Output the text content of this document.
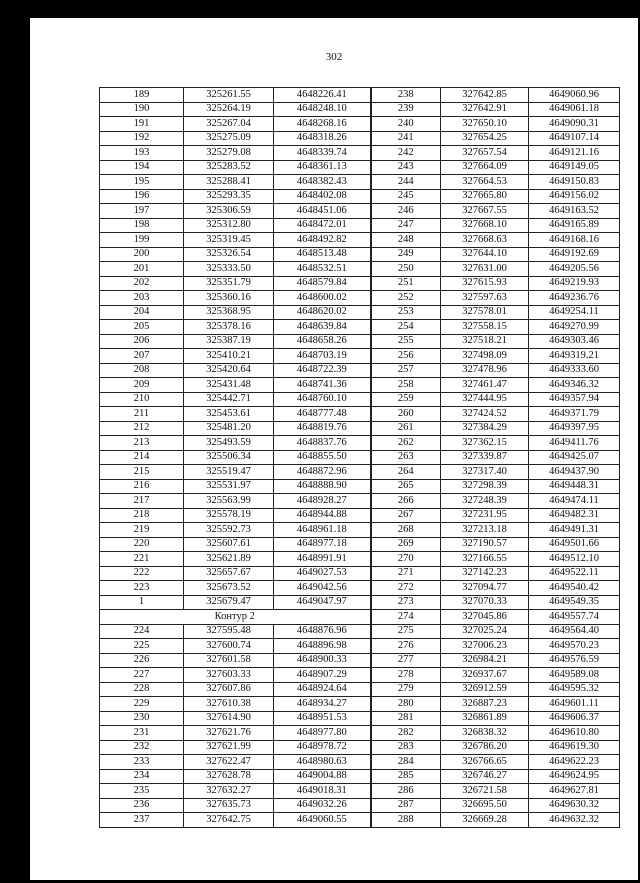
302
189	325261.55	4648226.41	238	327642.85	4649060.96
190	325264.19	4648248.10	239	327642.91	4649061.18
191	325267.04	4648268.16	240	327650.10	4649090.31
192	325275.09	4648318.26	241	327654.25	4649107.14
193	325279.08	4648339.74	242	327657.54	4649121.16
194	325283.52	4648361.13	243	327664.09	4649149.05
195	325288.41	4648382.43	244	327664.53	4649150.83
196	325293.35	4648402.08	245	327665.80	4649156.02
197	325306.59	4648451.06	246	327667.55	4649163.52
198	325312.80	4648472.01	247	327668.10	4649165.89
199	325319.45	4648492.82	248	327668.63	4649168.16
200	325326.54	4648513.48	249	327644.10	4649192.69
201	325333.50	4648532.51	250	327631.00	4649205.56
202	325351.79	4648579.84	251	327615.93	4649219.93
203	325360.16	4648600.02	252	327597.63	4649236.76
204	325368.95	4648620.02	253	327578.01	4649254.11
205	325378.16	4648639.84	254	327558.15	4649270.99
206	325387.19	4648658.26	255	327518.21	4649303.46
207	325410.21	4648703.19	256	327498.09	4649319.21
208	325420.64	4648722.39	257	327478.96	4649333.60
209	325431.48	4648741.36	258	327461.47	4649346.32
210	325442.71	4648760.10	259	327444.95	4649357.94
211	325453.61	4648777.48	260	327424.52	4649371.79
212	325481.20	4648819.76	261	327384.29	4649397.95
213	325493.59	4648837.76	262	327362.15	4649411.76
214	325506.34	4648855.50	263	327339.87	4649425.07
215	325519.47	4648872.96	264	327317.40	4649437.90
216	325531.97	4648888.90	265	327298.39	4649448.31
217	325563.99	4648928.27	266	327248.39	4649474.11
218	325578.19	4648944.88	267	327231.95	4649482.31
219	325592.73	4648961.18	268	327213.18	4649491.31
220	325607.61	4648977.18	269	327190.57	4649501.66
221	325621.89	4648991.91	270	327166.55	4649512.10
222	325657.67	4649027.53	271	327142.23	4649522.11
223	325673.52	4649042.56	272	327094.77	4649540.42
1	325679.47	4649047.97	273	327070.33	4649549.35
Контур 2			274	327045.86	4649557.74
224	327595.48	4648876.96	275	327025.24	4649564.40
225	327600.74	4648896.98	276	327006.23	4649570.23
226	327601.58	4648900.33	277	326984.21	4649576.59
227	327603.33	4648907.29	278	326937.67	4649589.08
228	327607.86	4648924.64	279	326912.59	4649595.32
229	327610.38	4648934.27	280	326887.23	4649601.11
230	327614.90	4648951.53	281	326861.89	4649606.37
231	327621.76	4648977.80	282	326838.32	4649610.80
232	327621.99	4648978.72	283	326786.20	4649619.30
233	327622.47	4648980.63	284	326766.65	4649622.23
234	327628.78	4649004.88	285	326746.27	4649624.95
235	327632.27	4649018.31	286	326721.58	4649627.81
236	327635.73	4649032.26	287	326695.50	4649630.32
237	327642.75	4649060.55	288	326669.28	4649632.32
